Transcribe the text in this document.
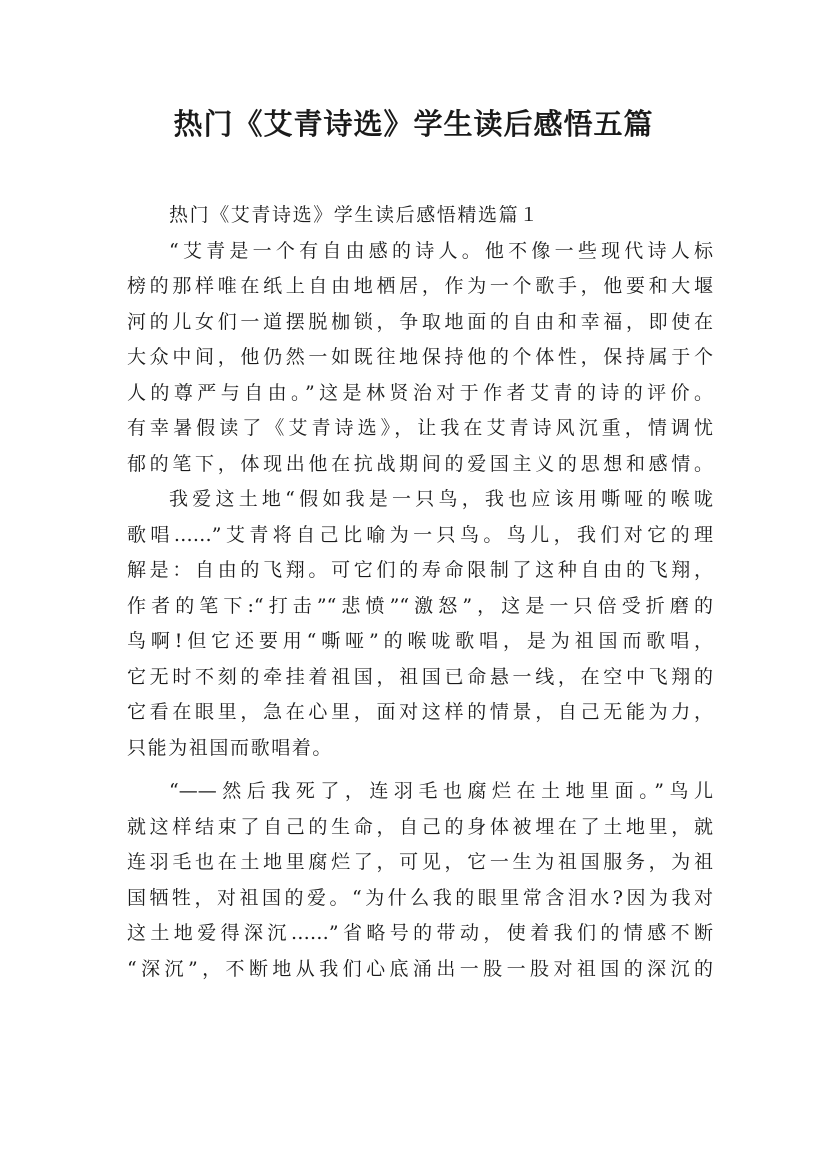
热门《艾青诗选》学生读后感悟五篇
热门《艾青诗选》学生读后感悟精选篇１
“艾青是一个有自由感的诗人。他不像一些现代诗人标
榜的那样唯在纸上自由地栖居，作为一个歌手，他要和大堰
河的儿女们一道摆脱枷锁，争取地面的自由和幸福，即使在
大众中间，他仍然一如既往地保持他的个体性，保持属于个
人的尊严与自由。”这是林贤治对于作者艾青的诗的评价。
有幸暑假读了《艾青诗选》，让我在艾青诗风沉重，情调忧
郁的笔下，体现出他在抗战期间的爱国主义的思想和感情。
我爱这土地“假如我是一只鸟，我也应该用嘶哑的喉咙
歌唱……”艾青将自己比喻为一只鸟。鸟儿，我们对它的理
解是：自由的飞翔。可它们的寿命限制了这种自由的飞翔，
作者的笔下:“打击”“悲愤”“激怒”，这是一只倍受折磨的
鸟啊!但它还要用“嘶哑”的喉咙歌唱，是为祖国而歌唱，
它无时不刻的牵挂着祖国，祖国已命悬一线，在空中飞翔的
它看在眼里，急在心里，面对这样的情景，自己无能为力，
只能为祖国而歌唱着。
“——然后我死了，连羽毛也腐烂在土地里面。”鸟儿
就这样结束了自己的生命，自己的身体被埋在了土地里，就
连羽毛也在土地里腐烂了，可见，它一生为祖国服务，为祖
国牺牲，对祖国的爱。“为什么我的眼里常含泪水?因为我对
这土地爱得深沉……”省略号的带动，使着我们的情感不断
“深沉”，不断地从我们心底涌出一股一股对祖国的深沉的
